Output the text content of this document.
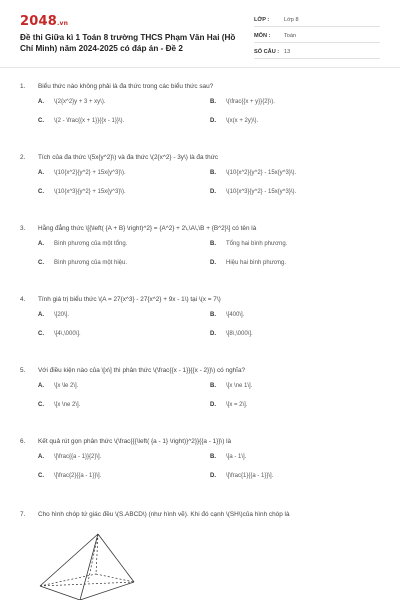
2048.vn
Đề thi Giữa kì 1 Toán 8 trường THCS Phạm Văn Hai (Hồ Chí Minh) năm 2024-2025 có đáp án - Đề 2
LỚP :	Lớp 8
MÔN :	Toán
SỐ CÂU : 13
1.	Biểu thức nào không phải là đa thức trong các biểu thức sau?
A.	\(2{x^2}y + 3 + xy\).	B.	\(\frac{{x + y}}{2}\).
C.	\(2 - \frac{{x + 1}}{{x - 1}}\).	D.	\(x(x + 2y)\).
2.	Tích của đa thức \(5x{y^2}\) và đa thức \(2{x^2} - 3y\) là đa thức
A.	\(10{x^2}{y^2} + 15x{y^3}\).	B.	\(10{x^2}{y^2} - 15x{y^3}\).
C.	\(10{x^3}{y^2} + 15x{y^3}\).	D.	\(10{x^3}{y^2} - 15x{y^3}\).
3.	Hằng đẳng thức \[{\left( {A + B} \right)^2} = {A^2} + 2\,\A\,\B + {B^2}\] có tên là
A.	Bình phương của một tổng.	B.	Tổng hai bình phương.
C.	Bình phương của một hiệu.	D.	Hiệu hai bình phương.
4.	Tính giá trị biểu thức \(A = 27{x^3} - 27{x^2} + 9x - 1\) tại \(x = 7\)
A.	\[20\].	B.	\[400\].
C.	\[4\,\000\].	D.	\[8\,\000\].
5.	Với điều kiện nào của \[x\] thì phân thức \(\frac{{x - 1}}{{x - 2}}\) có nghĩa?
A.	\[x \le 2\].	B.	\[x \ne 1\].
C.	\[x \ne 2\].	D.	\[x = 2\].
6.	Kết quả rút gọn phân thức \(\frac{{{\left( {a - 1} \right)}^2}}{{a - 1}}\) là
A.	\[\frac{{a - 1}}{2}\].	B.	\[a - 1\].
C.	\[\frac{2}{{a - 1}}\].	D.	\[\frac{1}{{a - 1}}\].
7.	Cho hình chóp tứ giác đều \(S.ABCD\) (như hình vẽ). Khi đó cạnh \(SH\)của hình chóp là
